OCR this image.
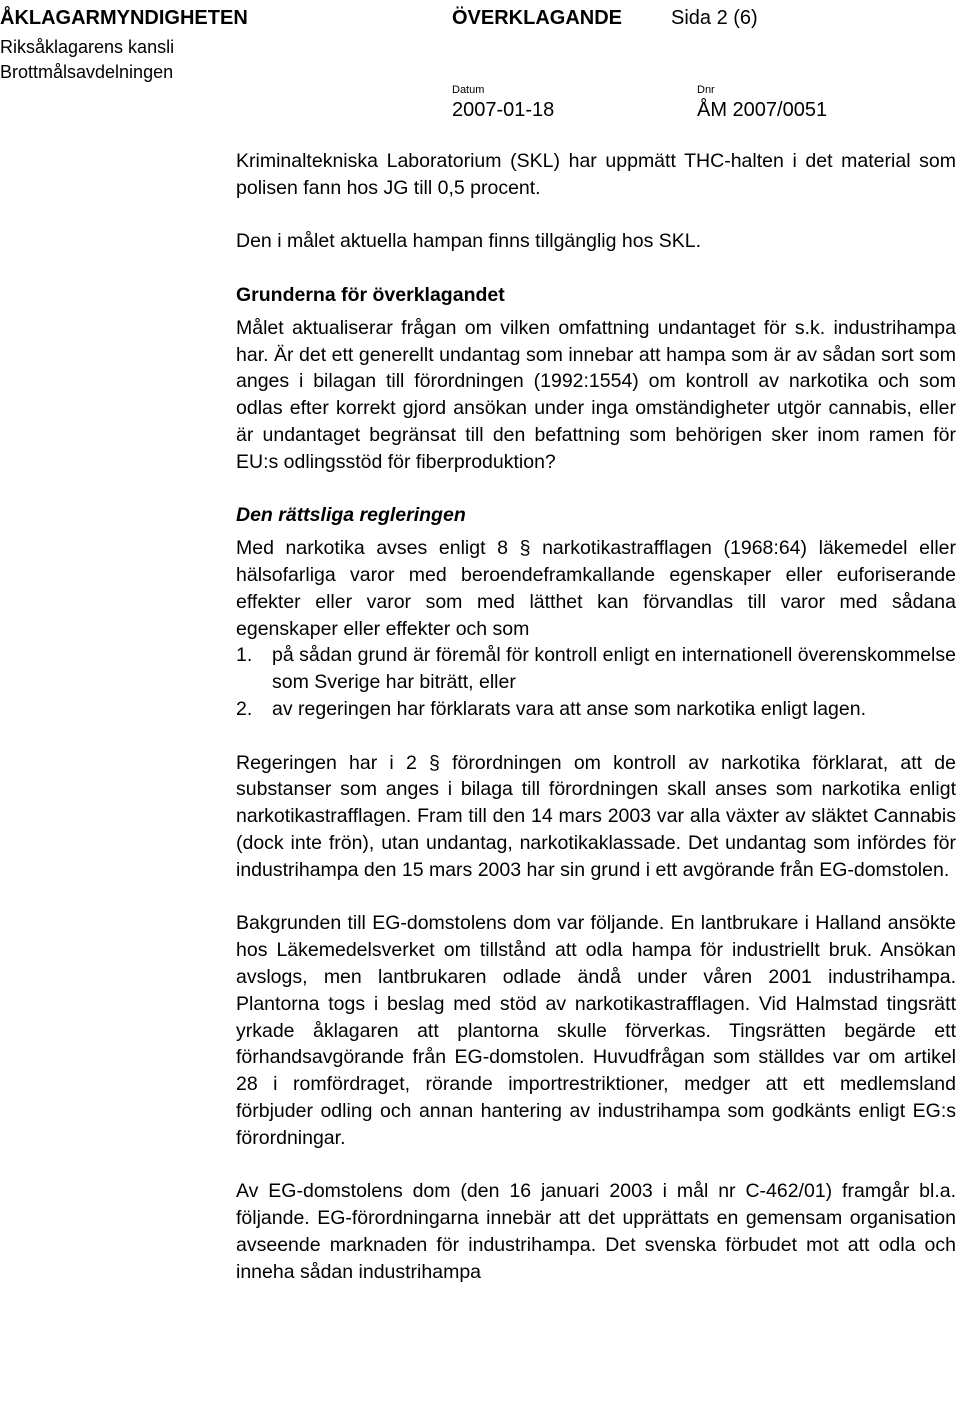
ÅKLAGARMYNDIGHETEN	ÖVERKLAGANDE Sida 2 (6)
Riksåklagarens kansli
Brottmålsavdelningen
Datum
2007-01-18
Dnr
ÅM 2007/0051

Kriminaltekniska Laboratorium (SKL) har uppmätt THC-halten i det material som polisen fann hos JG till 0,5 procent.

Den i målet aktuella hampan finns tillgänglig hos SKL.

Grunderna för överklagandet

Målet aktualiserar frågan om vilken omfattning undantaget för s.k. industrihampa har. Är det ett generellt undantag som innebar att hampa som är av sådan sort som anges i bilagan till förordningen (1992:1554) om kontroll av narkotika och som odlas efter korrekt gjord ansökan under inga omständigheter utgör cannabis, eller är undantaget begränsat till den befattning som behörigen sker inom ramen för EU:s odlingsstöd för fiberproduktion?

Den rättsliga regleringen

Med narkotika avses enligt 8 § narkotikastrafflagen (1968:64) läkemedel eller hälsofarliga varor med beroendeframkallande egenskaper eller euforiserande effekter eller varor som med lätthet kan förvandlas till varor med sådana egenskaper eller effekter och som

1.	på sådan grund är föremål för kontroll enligt en internationell överenskommelse som Sverige har biträtt, eller
2.	av regeringen har förklarats vara att anse som narkotika enligt lagen.

Regeringen har i 2 § förordningen om kontroll av narkotika förklarat, att de substanser som anges i bilaga till förordningen skall anses som narkotika enligt narkotikastrafflagen. Fram till den 14 mars 2003 var alla växter av släktet Cannabis (dock inte frön), utan undantag, narkotikaklassade. Det undantag som infördes för industrihampa den 15 mars 2003 har sin grund i ett avgörande från EG-domstolen.

Bakgrunden till EG-domstolens dom var följande. En lantbrukare i Halland ansökte hos Läkemedelsverket om tillstånd att odla hampa för industriellt bruk. Ansökan avslogs, men lantbrukaren odlade ändå under våren 2001 industrihampa. Plantorna togs i beslag med stöd av narkotikastrafflagen. Vid Halmstad tingsrätt yrkade åklagaren att plantorna skulle förverkas. Tingsrätten begärde ett förhandsavgörande från EG-domstolen. Huvudfrågan som ställdes var om artikel 28 i romfördraget, rörande importrestriktioner, medger att ett medlemsland förbjuder odling och annan hantering av industrihampa som godkänts enligt EG:s förordningar.

Av EG-domstolens dom (den 16 januari 2003 i mål nr C-462/01) framgår bl.a. följande. EG-förordningarna innebär att det upprättats en gemensam organisation avseende marknaden för industrihampa. Det svenska förbudet mot att odla och inneha sådan industrihampa
